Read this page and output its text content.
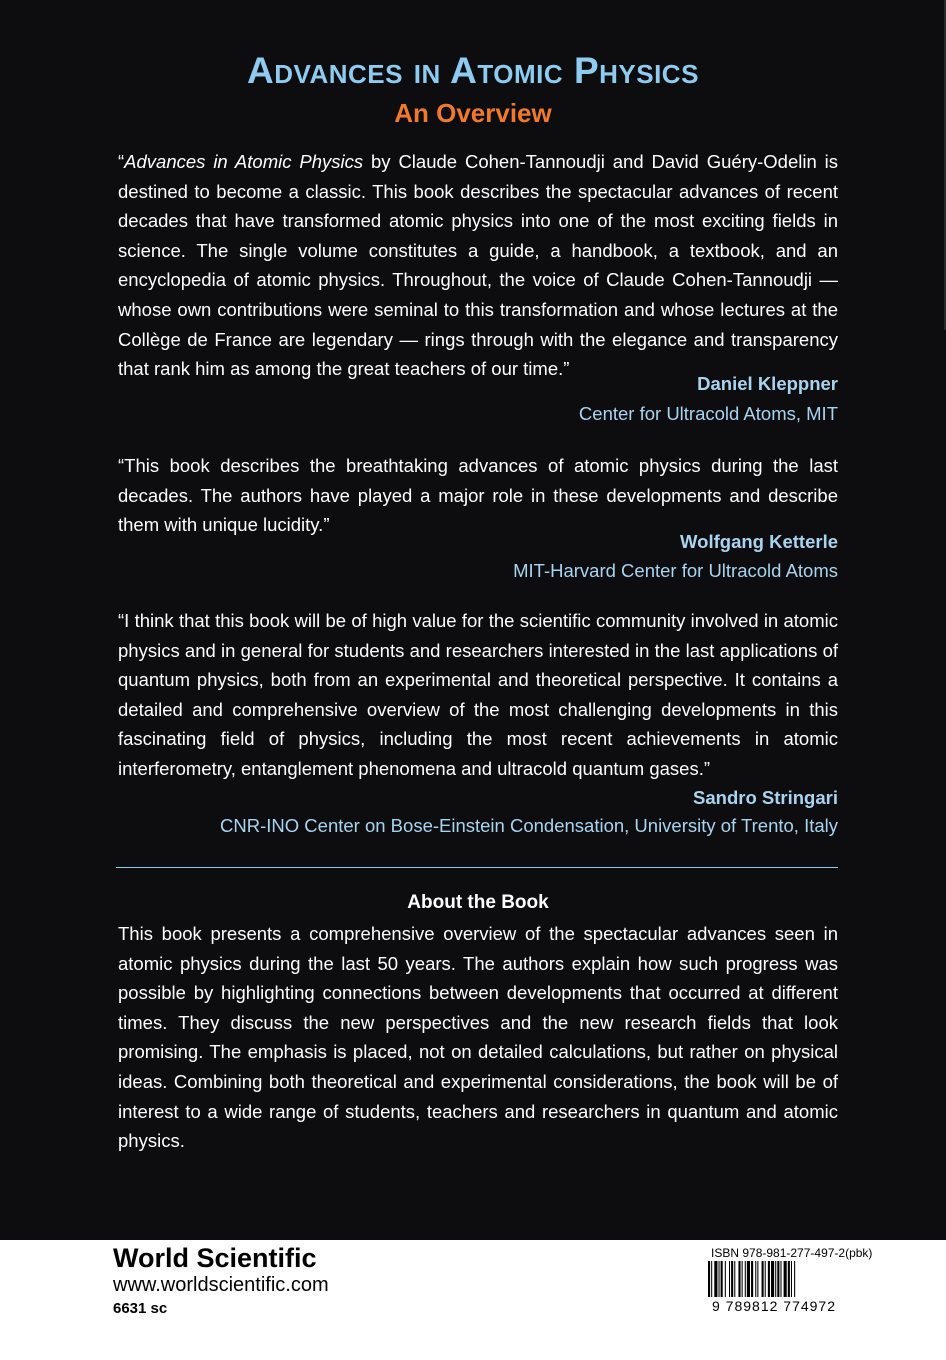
Advances in Atomic Physics
An Overview
“Advances in Atomic Physics by Claude Cohen-Tannoudji and David Guéry-Odelin is destined to become a classic. This book describes the spectacular advances of recent decades that have transformed atomic physics into one of the most exciting fields in science. The single volume constitutes a guide, a handbook, a textbook, and an encyclopedia of atomic physics. Throughout, the voice of Claude Cohen-Tannoudji — whose own contributions were seminal to this transformation and whose lectures at the Collège de France are legendary — rings through with the elegance and transparency that rank him as among the great teachers of our time.”
Daniel Kleppner
Center for Ultracold Atoms, MIT
“This book describes the breathtaking advances of atomic physics during the last decades. The authors have played a major role in these developments and describe them with unique lucidity.”
Wolfgang Ketterle
MIT-Harvard Center for Ultracold Atoms
“I think that this book will be of high value for the scientific community involved in atomic physics and in general for students and researchers interested in the last applications of quantum physics, both from an experimental and theoretical perspective. It contains a detailed and comprehensive overview of the most challenging developments in this fascinating field of physics, including the most recent achievements in atomic interferometry, entanglement phenomena and ultracold quantum gases.”
Sandro Stringari
CNR-INO Center on Bose-Einstein Condensation, University of Trento, Italy
About the Book
This book presents a comprehensive overview of the spectacular advances seen in atomic physics during the last 50 years. The authors explain how such progress was possible by highlighting connections between developments that occurred at different times. They discuss the new perspectives and the new research fields that look promising. The emphasis is placed, not on detailed calculations, but rather on physical ideas. Combining both theoretical and experimental considerations, the book will be of interest to a wide range of students, teachers and researchers in quantum and atomic physics.
World Scientific
www.worldscientific.com
6631 sc
ISBN 978-981-277-497-2(pbk)
9 789812 774972
